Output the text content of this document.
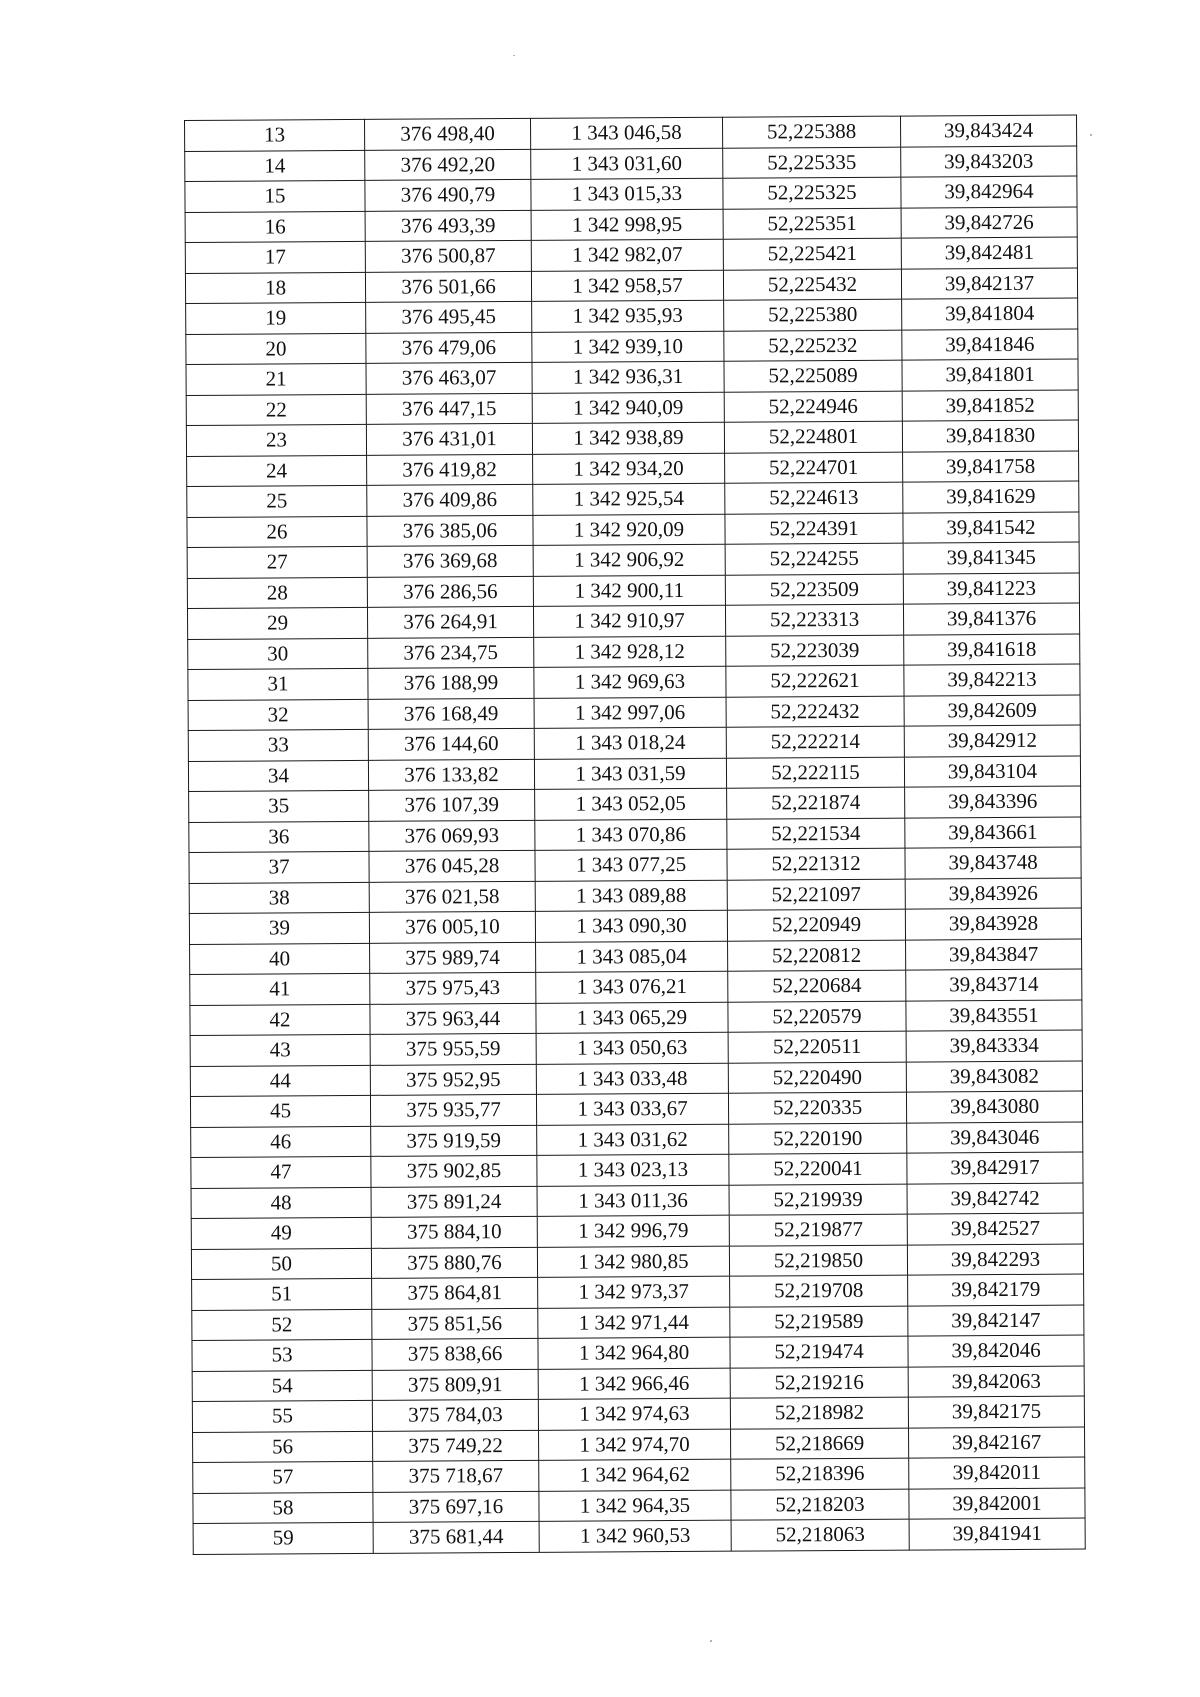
13	376 498,40	1 343 046,58	52,225388	39,843424
14	376 492,20	1 343 031,60	52,225335	39,843203
15	376 490,79	1 343 015,33	52,225325	39,842964
16	376 493,39	1 342 998,95	52,225351	39,842726
17	376 500,87	1 342 982,07	52,225421	39,842481
18	376 501,66	1 342 958,57	52,225432	39,842137
19	376 495,45	1 342 935,93	52,225380	39,841804
20	376 479,06	1 342 939,10	52,225232	39,841846
21	376 463,07	1 342 936,31	52,225089	39,841801
22	376 447,15	1 342 940,09	52,224946	39,841852
23	376 431,01	1 342 938,89	52,224801	39,841830
24	376 419,82	1 342 934,20	52,224701	39,841758
25	376 409,86	1 342 925,54	52,224613	39,841629
26	376 385,06	1 342 920,09	52,224391	39,841542
27	376 369,68	1 342 906,92	52,224255	39,841345
28	376 286,56	1 342 900,11	52,223509	39,841223
29	376 264,91	1 342 910,97	52,223313	39,841376
30	376 234,75	1 342 928,12	52,223039	39,841618
31	376 188,99	1 342 969,63	52,222621	39,842213
32	376 168,49	1 342 997,06	52,222432	39,842609
33	376 144,60	1 343 018,24	52,222214	39,842912
34	376 133,82	1 343 031,59	52,222115	39,843104
35	376 107,39	1 343 052,05	52,221874	39,843396
36	376 069,93	1 343 070,86	52,221534	39,843661
37	376 045,28	1 343 077,25	52,221312	39,843748
38	376 021,58	1 343 089,88	52,221097	39,843926
39	376 005,10	1 343 090,30	52,220949	39,843928
40	375 989,74	1 343 085,04	52,220812	39,843847
41	375 975,43	1 343 076,21	52,220684	39,843714
42	375 963,44	1 343 065,29	52,220579	39,843551
43	375 955,59	1 343 050,63	52,220511	39,843334
44	375 952,95	1 343 033,48	52,220490	39,843082
45	375 935,77	1 343 033,67	52,220335	39,843080
46	375 919,59	1 343 031,62	52,220190	39,843046
47	375 902,85	1 343 023,13	52,220041	39,842917
48	375 891,24	1 343 011,36	52,219939	39,842742
49	375 884,10	1 342 996,79	52,219877	39,842527
50	375 880,76	1 342 980,85	52,219850	39,842293
51	375 864,81	1 342 973,37	52,219708	39,842179
52	375 851,56	1 342 971,44	52,219589	39,842147
53	375 838,66	1 342 964,80	52,219474	39,842046
54	375 809,91	1 342 966,46	52,219216	39,842063
55	375 784,03	1 342 974,63	52,218982	39,842175
56	375 749,22	1 342 974,70	52,218669	39,842167
57	375 718,67	1 342 964,62	52,218396	39,842011
58	375 697,16	1 342 964,35	52,218203	39,842001
59	375 681,44	1 342 960,53	52,218063	39,841941
